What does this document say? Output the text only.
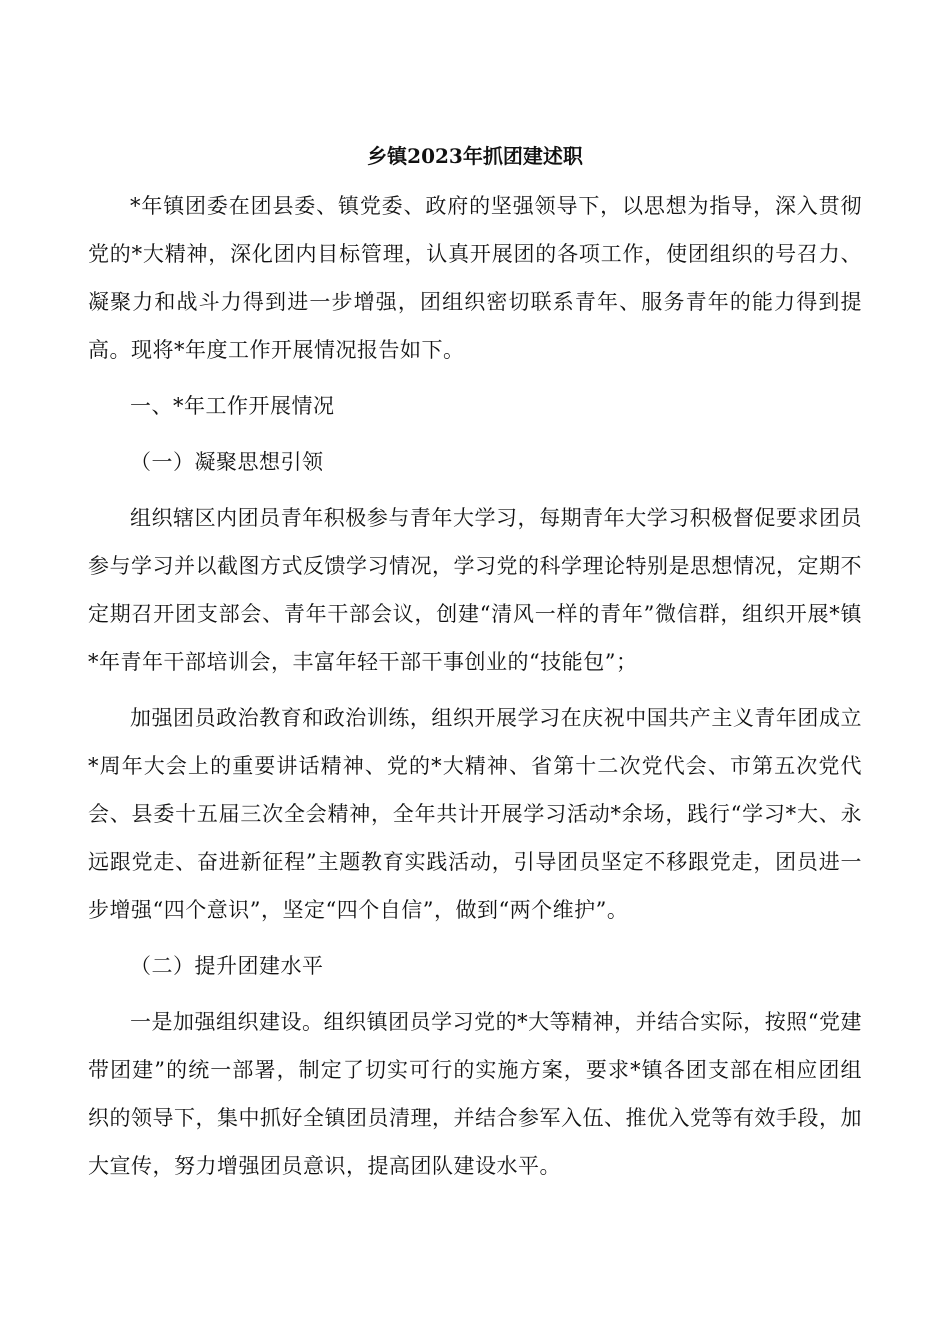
乡镇2023年抓团建述职

*年镇团委在团县委、镇党委、政府的坚强领导下，以思想为指导，深入贯彻党的*大精神，深化团内目标管理，认真开展团的各项工作，使团组织的号召力、凝聚力和战斗力得到进一步增强，团组织密切联系青年、服务青年的能力得到提高。现将*年度工作开展情况报告如下。

一、*年工作开展情况

（一）凝聚思想引领

组织辖区内团员青年积极参与青年大学习，每期青年大学习积极督促要求团员参与学习并以截图方式反馈学习情况，学习党的科学理论特别是思想情况，定期不定期召开团支部会、青年干部会议，创建“清风一样的青年”微信群，组织开展*镇*年青年干部培训会，丰富年轻干部干事创业的“技能包”；

加强团员政治教育和政治训练，组织开展学习在庆祝中国共产主义青年团成立*周年大会上的重要讲话精神、党的*大精神、省第十二次党代会、市第五次党代会、县委十五届三次全会精神，全年共计开展学习活动*余场，践行“学习*大、永远跟党走、奋进新征程”主题教育实践活动，引导团员坚定不移跟党走，团员进一步增强“四个意识”，坚定“四个自信”，做到“两个维护”。

（二）提升团建水平

一是加强组织建设。组织镇团员学习党的*大等精神，并结合实际，按照“党建带团建”的统一部署，制定了切实可行的实施方案，要求*镇各团支部在相应团组织的领导下，集中抓好全镇团员清理，并结合参军入伍、推优入党等有效手段，加大宣传，努力增强团员意识，提高团队建设水平。
